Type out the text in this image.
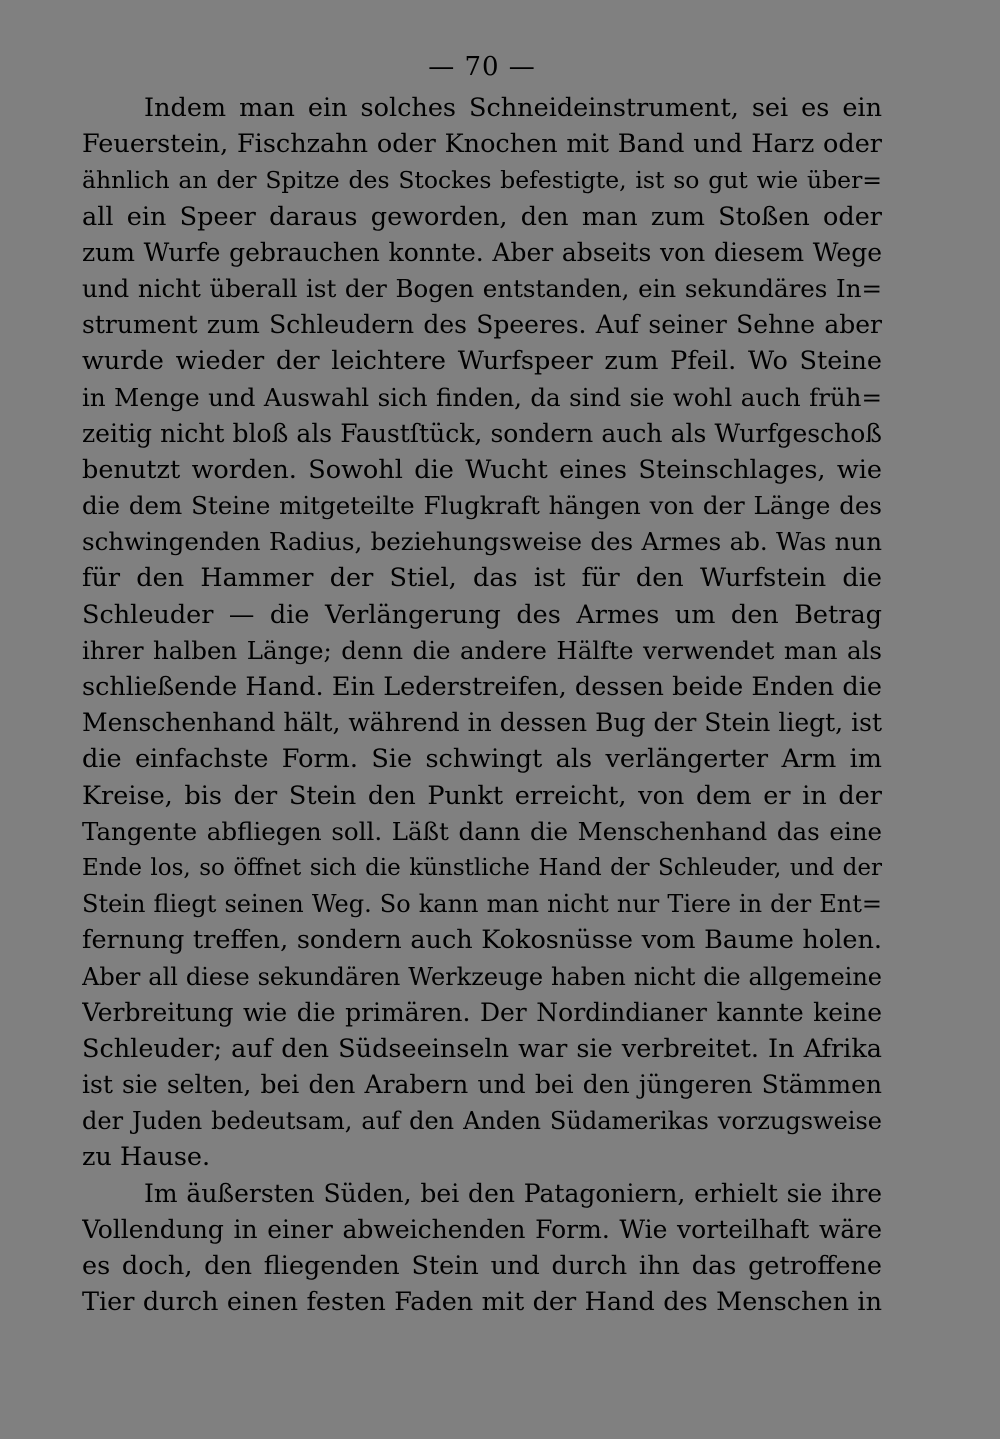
— 70 —
Indem man ein solches Schneideinstrument, sei es ein
Feuerstein, Fischzahn oder Knochen mit Band und Harz oder
ähnlich an der Spitze des Stockes befestigte, ist so gut wie über=
all ein Speer daraus geworden, den man zum Stoßen oder
zum Wurfe gebrauchen konnte. Aber abseits von diesem Wege
und nicht überall ist der Bogen entstanden, ein sekundäres In=
strument zum Schleudern des Speeres. Auf seiner Sehne aber
wurde wieder der leichtere Wurfspeer zum Pfeil. Wo Steine
in Menge und Auswahl sich finden, da sind sie wohl auch früh=
zeitig nicht bloß als Faustſtück, sondern auch als Wurfgeschoß
benutzt worden. Sowohl die Wucht eines Steinschlages, wie
die dem Steine mitgeteilte Flugkraft hängen von der Länge des
schwingenden Radius, beziehungsweise des Armes ab. Was nun
für den Hammer der Stiel, das ist für den Wurfstein die
Schleuder — die Verlängerung des Armes um den Betrag
ihrer halben Länge; denn die andere Hälfte verwendet man als
schließende Hand. Ein Lederstreifen, dessen beide Enden die
Menschenhand hält, während in dessen Bug der Stein liegt, ist
die einfachste Form. Sie schwingt als verlängerter Arm im
Kreise, bis der Stein den Punkt erreicht, von dem er in der
Tangente abfliegen soll. Läßt dann die Menschenhand das eine
Ende los, so öffnet sich die künstliche Hand der Schleuder, und der
Stein fliegt seinen Weg. So kann man nicht nur Tiere in der Ent=
fernung treffen, sondern auch Kokosnüsse vom Baume holen.
Aber all diese sekundären Werkzeuge haben nicht die allgemeine
Verbreitung wie die primären. Der Nordindianer kannte keine
Schleuder; auf den Südseeinseln war sie verbreitet. In Afrika
ist sie selten, bei den Arabern und bei den jüngeren Stämmen
der Juden bedeutsam, auf den Anden Südamerikas vorzugsweise
zu Hause.
Im äußersten Süden, bei den Patagoniern, erhielt sie ihre
Vollendung in einer abweichenden Form. Wie vorteilhaft wäre
es doch, den fliegenden Stein und durch ihn das getroffene
Tier durch einen festen Faden mit der Hand des Menschen in
